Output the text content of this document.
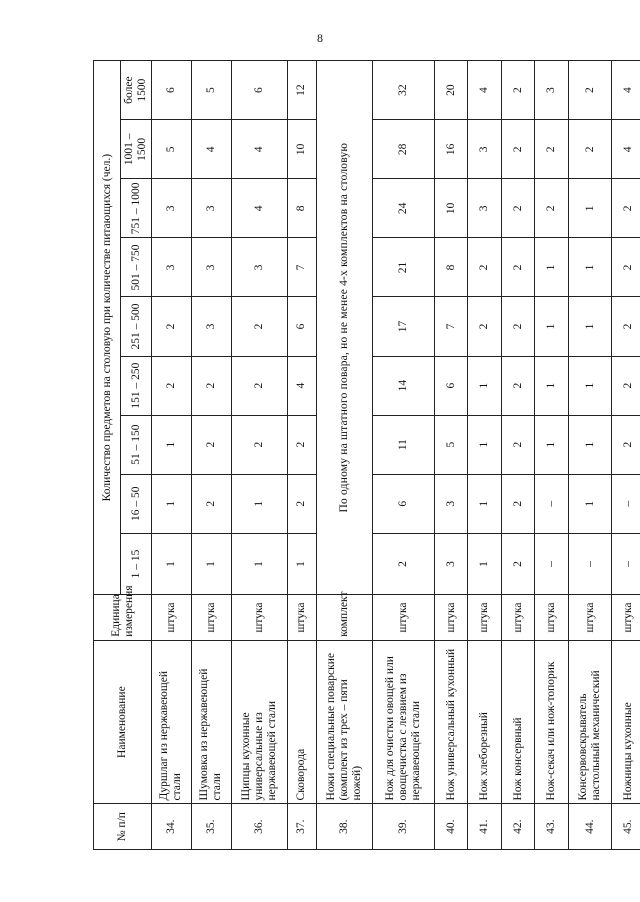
8
№ п/п	Наименование	Единица измерения	Количество предметов на столовую при количестве питающихся (чел.)								
			1 – 15	16 – 50	51 – 150	151 – 250	251 – 500	501 – 750	751 – 1000	1001 – 1500	более 1500
34.	Дуршлаг из нержавеющей стали	штука	1	1	1	2	2	3	3	5	6
35.	Шумовка из нержавеющей стали	штука	1	2	2	2	3	3	3	4	5
36.	Щипцы кухонные универсальные из нержавеющей стали	штука	1	1	2	2	2	3	4	4	6
37.	Сковорода	штука	1	2	2	4	6	7	8	10	12
38.	Ножи специальные поварские (комплект из трех – пяти ножей)	комплект	По одному на штатного повара, но не менее 4-х комплектов на столовую								
39.	Нож для очистки овощей или овощечистка с лезвием из нержавеющей стали	штука	2	6	11	14	17	21	24	28	32
40.	Нож универсальный кухонный	штука	3	3	5	6	7	8	10	16	20
41.	Нож хлеборезный	штука	1	1	1	1	2	2	3	3	4
42.	Нож консервный	штука	2	2	2	2	2	2	2	2	2
43.	Нож-секач или нож-топорик	штука	–	–	1	1	1	1	2	2	3
44.	Консервовскрыватель настольный механический	штука	–	1	1	1	1	1	1	2	2
45.	Ножницы кухонные	штука	–	–	2	2	2	2	2	4	4
